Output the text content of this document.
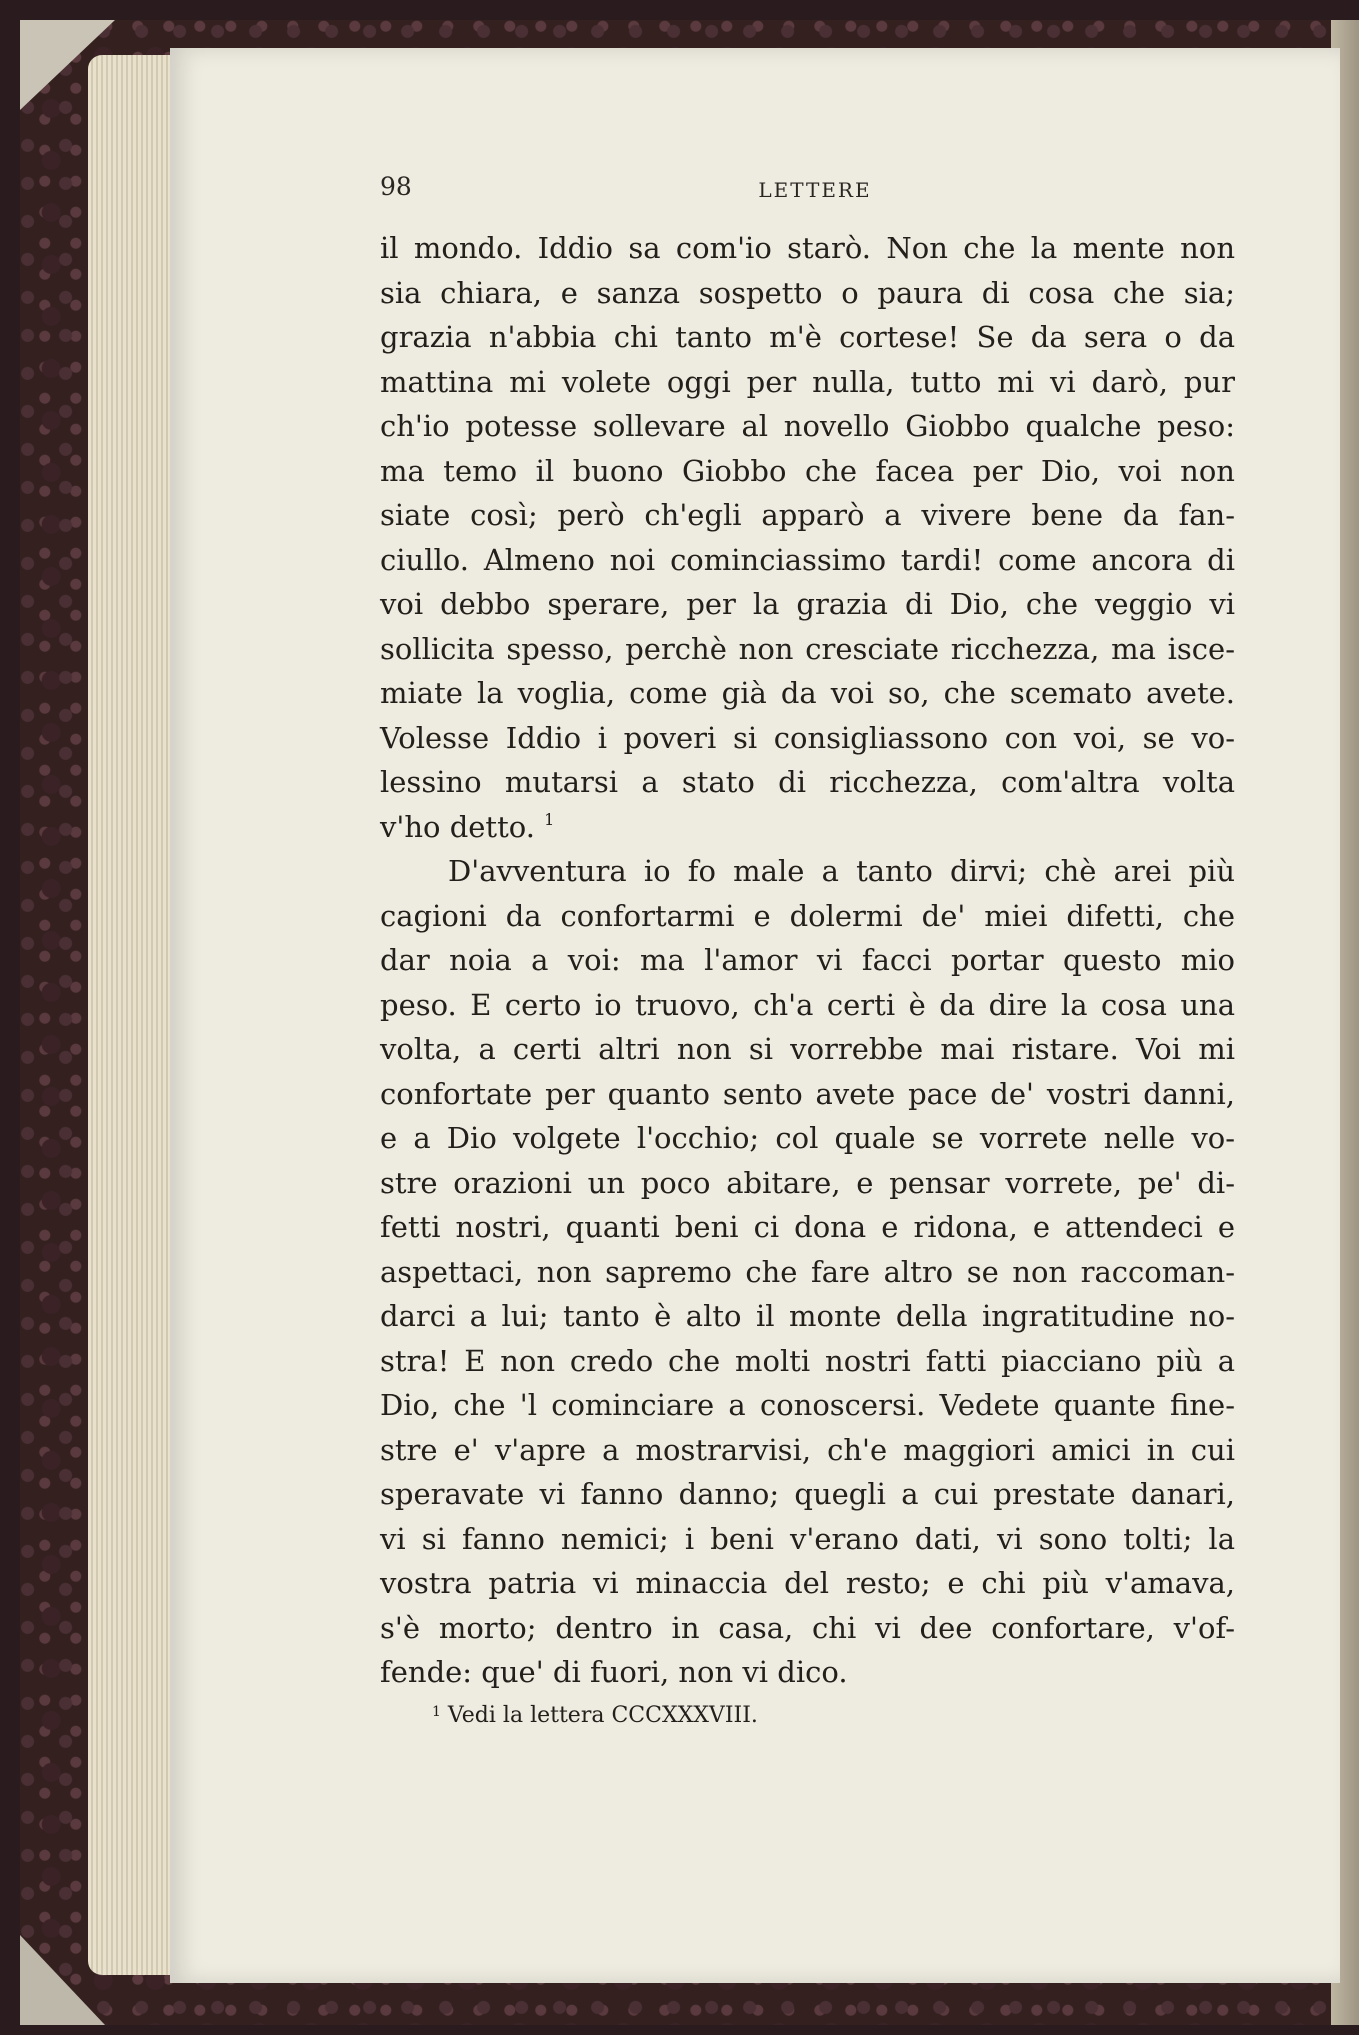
98	LETTERE
il mondo. Iddio sa com'io starò. Non che la mente non
sia chiara, e sanza sospetto o paura di cosa che sia;
grazia n'abbia chi tanto m'è cortese! Se da sera o da
mattina mi volete oggi per nulla, tutto mi vi darò, pur
ch'io potesse sollevare al novello Giobbo qualche peso:
ma temo il buono Giobbo che facea per Dio, voi non
siate così; però ch'egli apparò a vivere bene da fan-
ciullo. Almeno noi cominciassimo tardi! come ancora di
voi debbo sperare, per la grazia di Dio, che veggio vi
sollicita spesso, perchè non cresciate ricchezza, ma isce-
miate la voglia, come già da voi so, che scemato avete.
Volesse Iddio i poveri si consigliassono con voi, se vo-
lessino mutarsi a stato di ricchezza, com'altra volta
v'ho detto. $^1$
D'avventura io fo male a tanto dirvi; chè arei più
cagioni da confortarmi e dolermi de' miei difetti, che
dar noia a voi: ma l'amor vi facci portar questo mio
peso. E certo io truovo, ch'a certi è da dire la cosa una
volta, a certi altri non si vorrebbe mai ristare. Voi mi
confortate per quanto sento avete pace de' vostri danni,
e a Dio volgete l'occhio; col quale se vorrete nelle vo-
stre orazioni un poco abitare, e pensar vorrete, pe' di-
fetti nostri, quanti beni ci dona e ridona, e attendeci e
aspettaci, non sapremo che fare altro se non raccoman-
darci a lui; tanto è alto il monte della ingratitudine no-
stra! E non credo che molti nostri fatti piacciano più a
Dio, che 'l cominciare a conoscersi. Vedete quante fine-
stre e' v'apre a mostrarvisi, ch'e maggiori amici in cui
speravate vi fanno danno; quegli a cui prestate danari,
vi si fanno nemici; i beni v'erano dati, vi sono tolti; la
vostra patria vi minaccia del resto; e chi più v'amava,
s'è morto; dentro in casa, chi vi dee confortare, v'of-
fende: que' di fuori, non vi dico.
$^1$ Vedi la lettera CCCXXXVIII.
